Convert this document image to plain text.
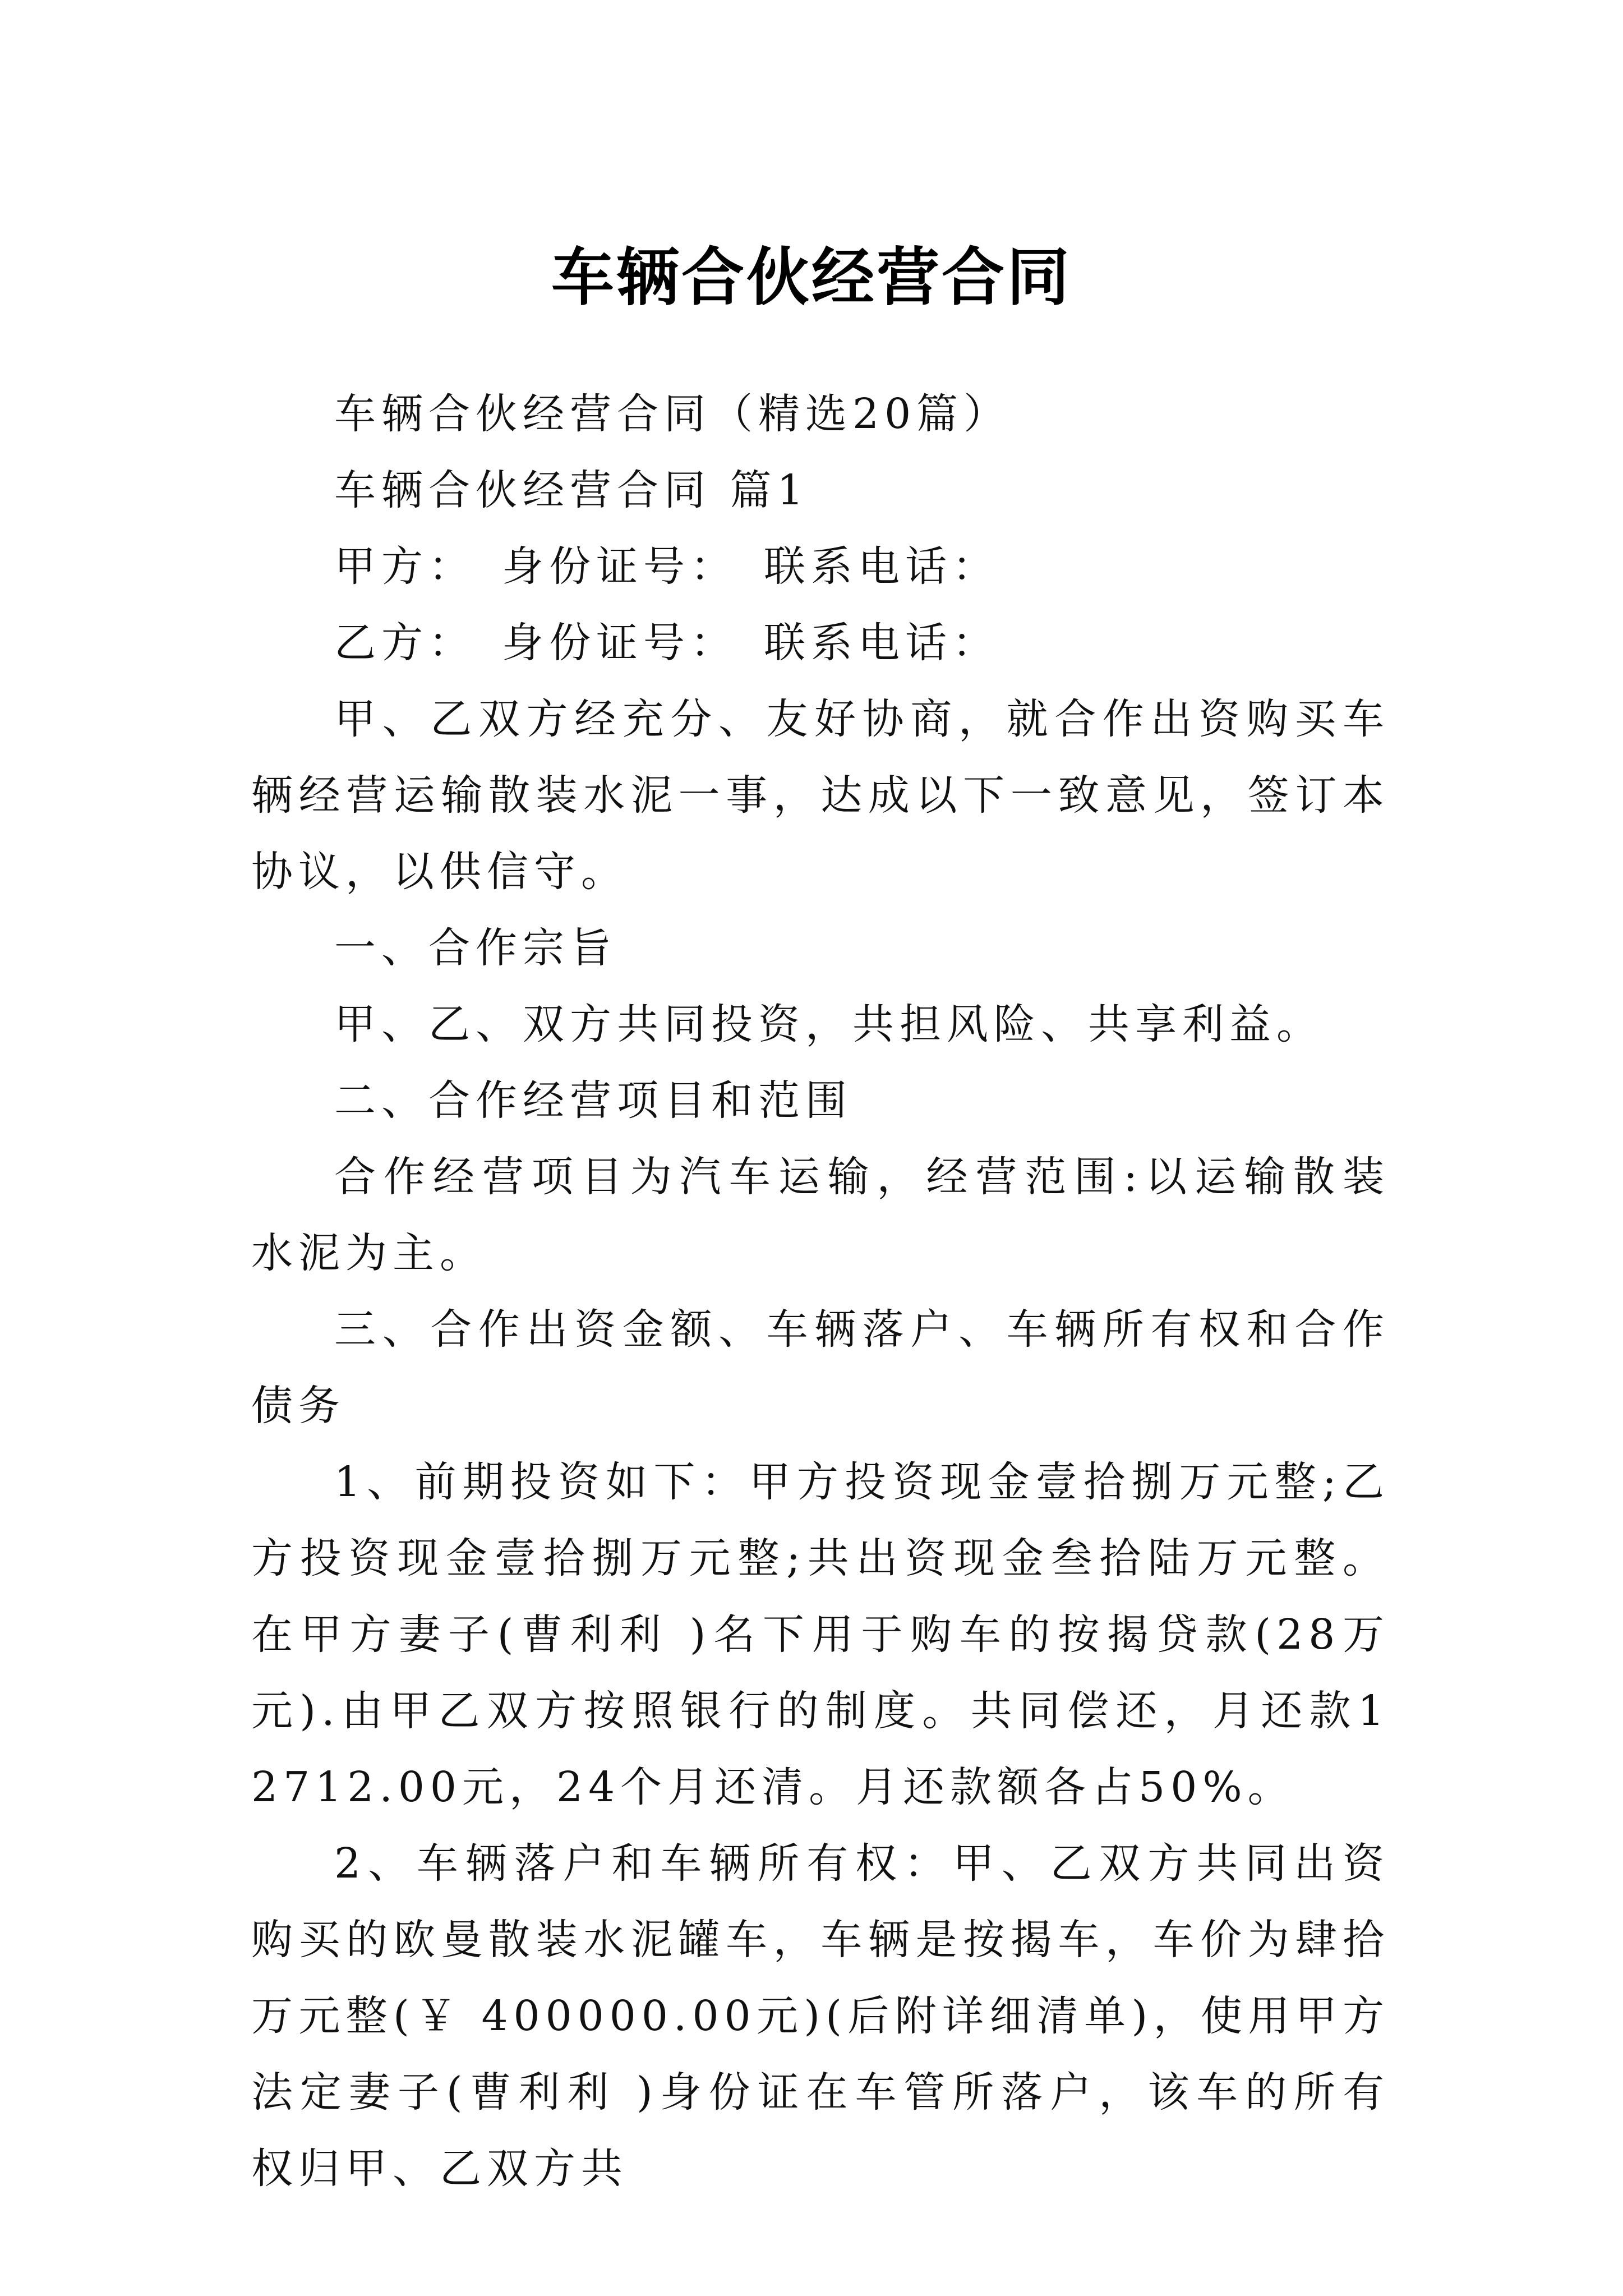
车辆合伙经营合同

车辆合伙经营合同（精选20篇）

车辆合伙经营合同 篇1

甲方：　身份证号：　联系电话：

乙方：　身份证号：　联系电话：

甲、乙双方经充分、友好协商，就合作出资购买车辆经营运输散装水泥一事，达成以下一致意见，签订本协议，以供信守。

一、合作宗旨

甲、乙、双方共同投资，共担风险、共享利益。

二、合作经营项目和范围

合作经营项目为汽车运输，经营范围:以运输散装水泥为主。

三、合作出资金额、车辆落户、车辆所有权和合作债务

1、前期投资如下：甲方投资现金壹拾捌万元整;乙方投资现金壹拾捌万元整;共出资现金叁拾陆万元整。在甲方妻子(曹利利 )名下用于购车的按揭贷款(28万元).由甲乙双方按照银行的制度。共同偿还，月还款12712.00元，24个月还清。月还款额各占50%。

2、车辆落户和车辆所有权：甲、乙双方共同出资购买的欧曼散装水泥罐车，车辆是按揭车，车价为肆拾万元整(￥ 400000.00元)(后附详细清单)，使用甲方法定妻子(曹利利 )身份证在车管所落户，该车的所有权归甲、乙双方共
